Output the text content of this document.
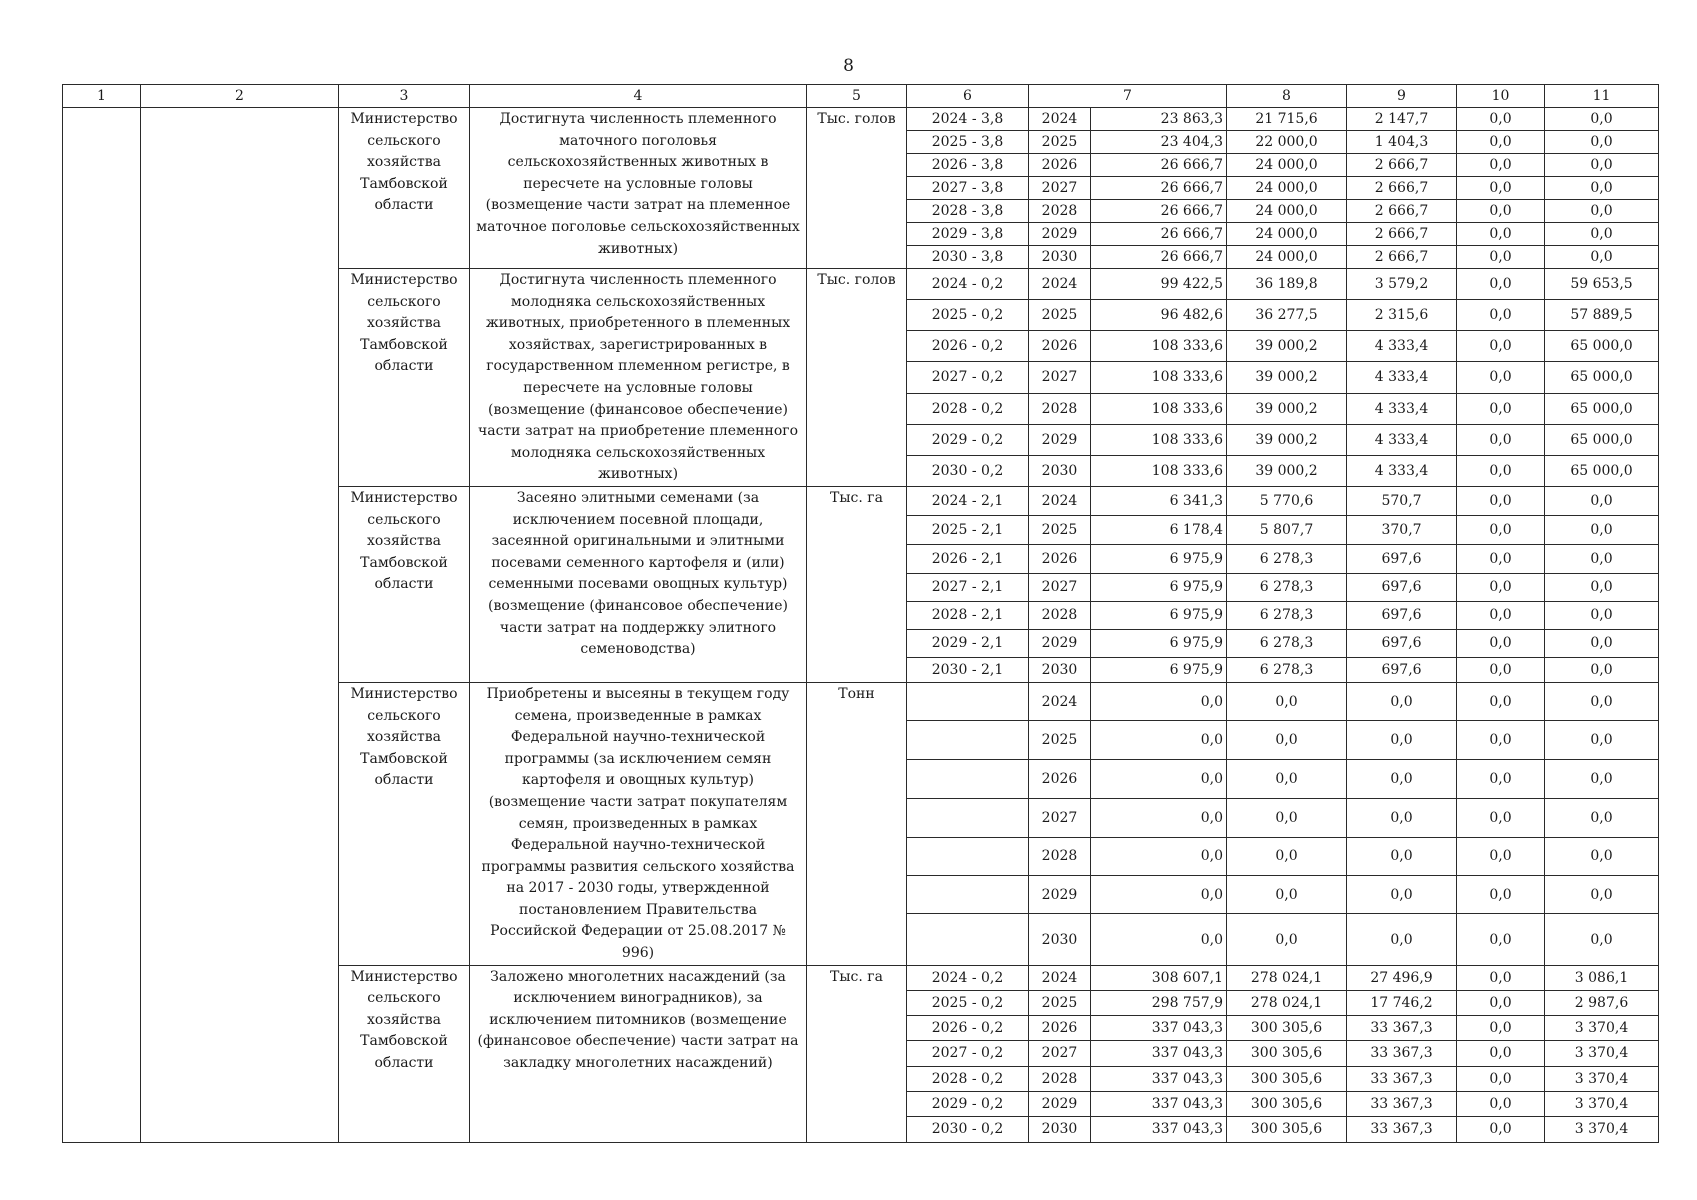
8
1	2	3	4	5	6	7		8	9	10	11

		Министерство сельского хозяйства Тамбовской области	Достигнута численность племенного маточного поголовья сельскохозяйственных животных в пересчете на условные головы (возмещение части затрат на племенное маточное поголовье сельскохозяйственных животных)	Тыс. голов	2024 - 3,8	2024	23 863,3	21 715,6	2 147,7	0,0	0,0
					2025 - 3,8	2025	23 404,3	22 000,0	1 404,3	0,0	0,0
					2026 - 3,8	2026	26 666,7	24 000,0	2 666,7	0,0	0,0
					2027 - 3,8	2027	26 666,7	24 000,0	2 666,7	0,0	0,0
					2028 - 3,8	2028	26 666,7	24 000,0	2 666,7	0,0	0,0
					2029 - 3,8	2029	26 666,7	24 000,0	2 666,7	0,0	0,0
					2030 - 3,8	2030	26 666,7	24 000,0	2 666,7	0,0	0,0

		Министерство сельского хозяйства Тамбовской области	Достигнута численность племенного молодняка сельскохозяйственных животных, приобретенного в племенных хозяйствах, зарегистрированных в государственном племенном регистре, в пересчете на условные головы (возмещение (финансовое обеспечение) части затрат на приобретение племенного молодняка сельскохозяйственных животных)	Тыс. голов	2024 - 0,2	2024	99 422,5	36 189,8	3 579,2	0,0	59 653,5
					2025 - 0,2	2025	96 482,6	36 277,5	2 315,6	0,0	57 889,5
					2026 - 0,2	2026	108 333,6	39 000,2	4 333,4	0,0	65 000,0
					2027 - 0,2	2027	108 333,6	39 000,2	4 333,4	0,0	65 000,0
					2028 - 0,2	2028	108 333,6	39 000,2	4 333,4	0,0	65 000,0
					2029 - 0,2	2029	108 333,6	39 000,2	4 333,4	0,0	65 000,0
					2030 - 0,2	2030	108 333,6	39 000,2	4 333,4	0,0	65 000,0

		Министерство сельского хозяйства Тамбовской области	Засеяно элитными семенами (за исключением посевной площади, засеянной оригинальными и элитными посевами семенного картофеля и (или) семенными посевами овощных культур) (возмещение (финансовое обеспечение) части затрат на поддержку элитного семеноводства)	Тыс. га	2024 - 2,1	2024	6 341,3	5 770,6	570,7	0,0	0,0
					2025 - 2,1	2025	6 178,4	5 807,7	370,7	0,0	0,0
					2026 - 2,1	2026	6 975,9	6 278,3	697,6	0,0	0,0
					2027 - 2,1	2027	6 975,9	6 278,3	697,6	0,0	0,0
					2028 - 2,1	2028	6 975,9	6 278,3	697,6	0,0	0,0
					2029 - 2,1	2029	6 975,9	6 278,3	697,6	0,0	0,0
					2030 - 2,1	2030	6 975,9	6 278,3	697,6	0,0	0,0

		Министерство сельского хозяйства Тамбовской области	Приобретены и высеяны в текущем году семена, произведенные в рамках Федеральной научно-технической программы (за исключением семян картофеля и овощных культур) (возмещение части затрат покупателям семян, произведенных в рамках Федеральной научно-технической программы развития сельского хозяйства на 2017 - 2030 годы, утвержденной постановлением Правительства Российской Федерации от 25.08.2017 № 996)	Тонн		2024	0,0	0,0	0,0	0,0	0,0
						2025	0,0	0,0	0,0	0,0	0,0
						2026	0,0	0,0	0,0	0,0	0,0
						2027	0,0	0,0	0,0	0,0	0,0
						2028	0,0	0,0	0,0	0,0	0,0
						2029	0,0	0,0	0,0	0,0	0,0
						2030	0,0	0,0	0,0	0,0	0,0

		Министерство сельского хозяйства Тамбовской области	Заложено многолетних насаждений (за исключением виноградников), за исключением питомников (возмещение (финансовое обеспечение) части затрат на закладку многолетних насаждений)	Тыс. га	2024 - 0,2	2024	308 607,1	278 024,1	27 496,9	0,0	3 086,1
					2025 - 0,2	2025	298 757,9	278 024,1	17 746,2	0,0	2 987,6
					2026 - 0,2	2026	337 043,3	300 305,6	33 367,3	0,0	3 370,4
					2027 - 0,2	2027	337 043,3	300 305,6	33 367,3	0,0	3 370,4
					2028 - 0,2	2028	337 043,3	300 305,6	33 367,3	0,0	3 370,4
					2029 - 0,2	2029	337 043,3	300 305,6	33 367,3	0,0	3 370,4
					2030 - 0,2	2030	337 043,3	300 305,6	33 367,3	0,0	3 370,4
